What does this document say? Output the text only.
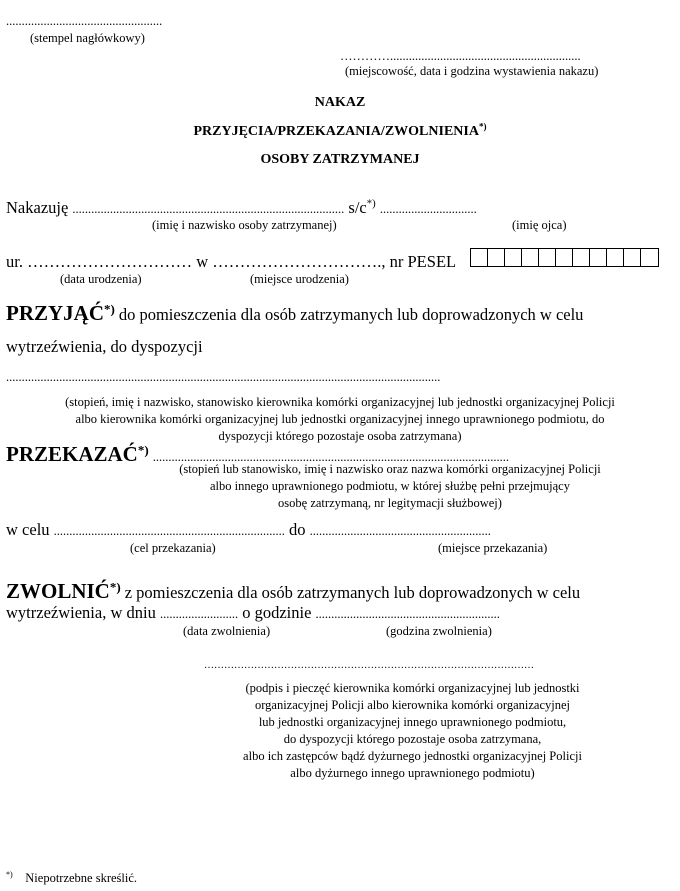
..................................................
(stempel nagłówkowy)
………….............................................................
(miejscowość, data i godzina wystawienia nakazu)
NAKAZ
PRZYJĘCIA/PRZEKAZANIA/ZWOLNIENIA*)
OSOBY ZATRZYMANEJ
Nakazuję ....................................................................................... s/c*) ...............................
(imię i nazwisko osoby zatrzymanej)	(imię ojca)
ur. ………………………… w …………………………., nr PESEL
(data urodzenia)	(miejsce urodzenia)
PRZYJĄĆ*) do pomieszczenia dla osób zatrzymanych lub doprowadzonych w celu
wytrzeźwienia, do dyspozycji
...........................................................................................................................................
(stopień, imię i nazwisko, stanowisko kierownika komórki organizacyjnej lub jednostki organizacyjnej Policji
albo kierownika komórki organizacyjnej lub jednostki organizacyjnej innego uprawnionego podmiotu, do
dyspozycji którego pozostaje osoba zatrzymana)
PRZEKAZAĆ*) ..................................................................................................................
(stopień lub stanowisko, imię i nazwisko oraz nazwa komórki organizacyjnej Policji
albo innego uprawnionego podmiotu, w której służbę pełni przejmujący
osobę zatrzymaną, nr legitymacji służbowej)
w celu .......................................................................... do ..........................................................
(cel przekazania)	(miejsce przekazania)
ZWOLNIĆ*) z pomieszczenia dla osób zatrzymanych lub doprowadzonych w celu
wytrzeźwienia, w dniu ......................... o godzinie ...........................................................
(data zwolnienia)	(godzina zwolnienia)
………………………………………………………………………………………
(podpis i pieczęć kierownika komórki organizacyjnej lub jednostki
organizacyjnej Policji albo kierownika komórki organizacyjnej
lub jednostki organizacyjnej innego uprawnionego podmiotu,
do dyspozycji którego pozostaje osoba zatrzymana,
albo ich zastępców bądź dyżurnego jednostki organizacyjnej Policji
albo dyżurnego innego uprawnionego podmiotu)
*) Niepotrzebne skreślić.
